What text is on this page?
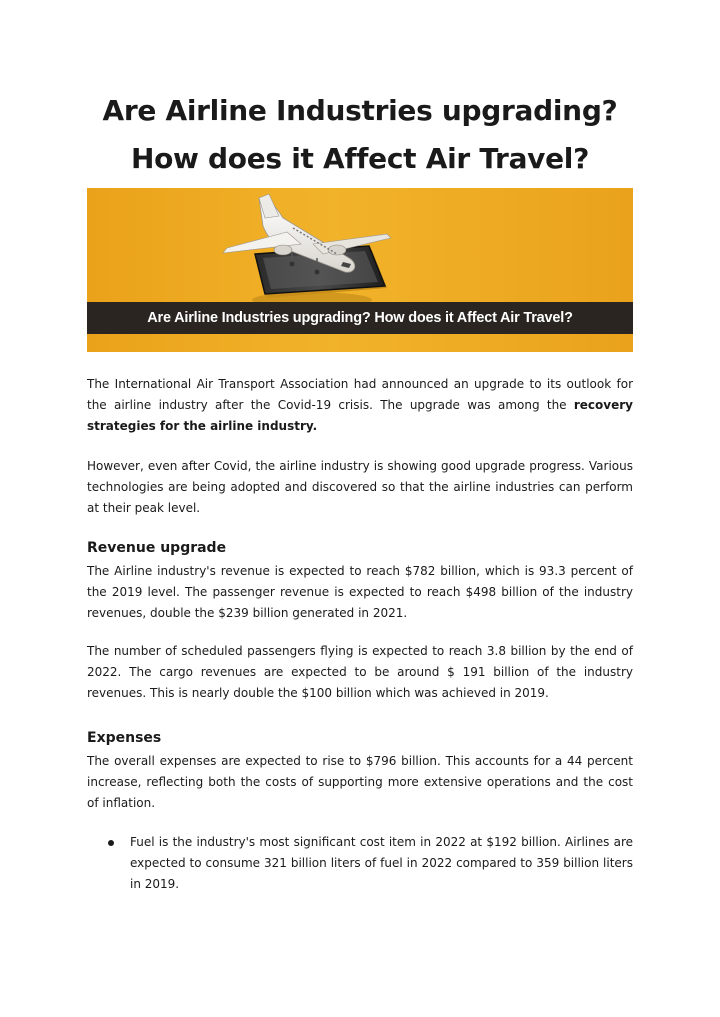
Are Airline Industries upgrading?
How does it Affect Air Travel?
Are Airline Industries upgrading? How does it Affect Air Travel?
The International Air Transport Association had announced an upgrade to its outlook for the airline industry after the Covid-19 crisis. The upgrade was among the recovery strategies for the airline industry.
However, even after Covid, the airline industry is showing good upgrade progress. Various technologies are being adopted and discovered so that the airline industries can perform at their peak level.
Revenue upgrade
The Airline industry's revenue is expected to reach $782 billion, which is 93.3 percent of the 2019 level. The passenger revenue is expected to reach $498 billion of the industry revenues, double the $239 billion generated in 2021.
The number of scheduled passengers flying is expected to reach 3.8 billion by the end of 2022. The cargo revenues are expected to be around $ 191 billion of the industry revenues. This is nearly double the $100 billion which was achieved in 2019.
Expenses
The overall expenses are expected to rise to $796 billion. This accounts for a 44 percent increase, reflecting both the costs of supporting more extensive operations and the cost of inflation.
Fuel is the industry's most significant cost item in 2022 at $192 billion. Airlines are expected to consume 321 billion liters of fuel in 2022 compared to 359 billion liters in 2019.
